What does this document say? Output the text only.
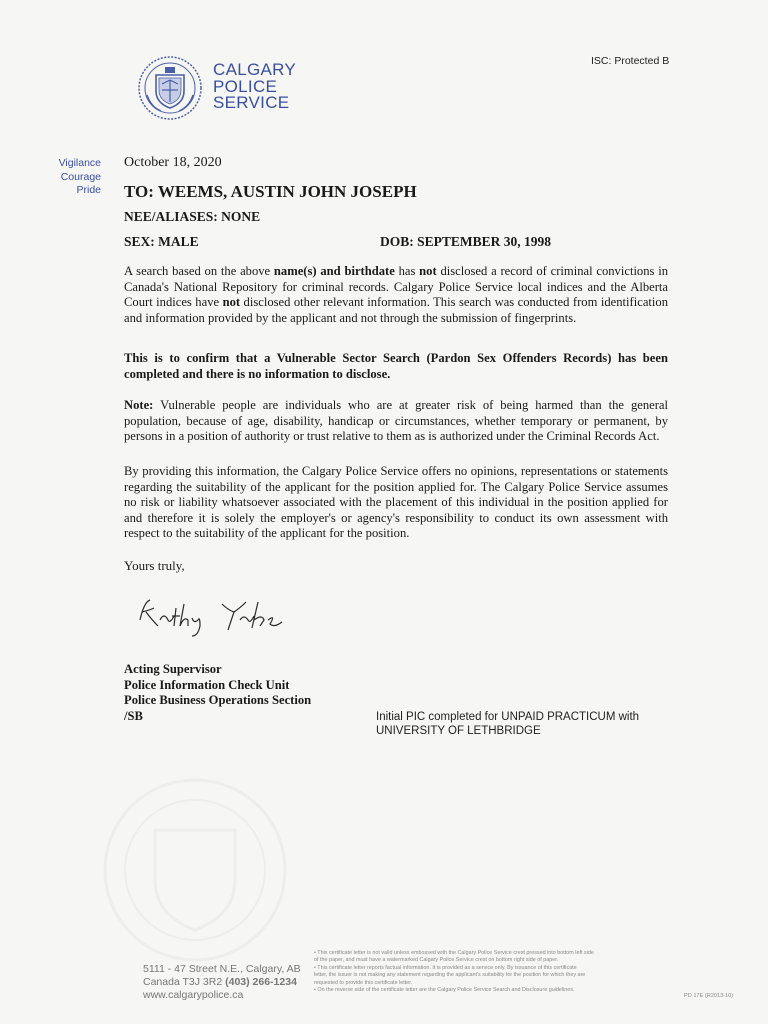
CALGARY
POLICE
SERVICE
ISC: Protected B
Vigilance
Courage
Pride
October 18, 2020
TO: WEEMS, AUSTIN JOHN JOSEPH
NEE/ALIASES: NONE
SEX: MALE	DOB: SEPTEMBER 30, 1998
A search based on the above name(s) and birthdate has not disclosed a record of criminal convictions in Canada's National Repository for criminal records. Calgary Police Service local indices and the Alberta Court indices have not disclosed other relevant information. This search was conducted from identification and information provided by the applicant and not through the submission of fingerprints.
This is to confirm that a Vulnerable Sector Search (Pardon Sex Offenders Records) has been completed and there is no information to disclose.
Note: Vulnerable people are individuals who are at greater risk of being harmed than the general population, because of age, disability, handicap or circumstances, whether temporary or permanent, by persons in a position of authority or trust relative to them as is authorized under the Criminal Records Act.
By providing this information, the Calgary Police Service offers no opinions, representations or statements regarding the suitability of the applicant for the position applied for. The Calgary Police Service assumes no risk or liability whatsoever associated with the placement of this individual in the position applied for and therefore it is solely the employer's or agency's responsibility to conduct its own assessment with respect to the suitability of the applicant for the position.
Yours truly,
Acting Supervisor
Police Information Check Unit
Police Business Operations Section
/SB	Initial PIC completed for UNPAID PRACTICUM with
UNIVERSITY OF LETHBRIDGE
5111 - 47 Street N.E., Calgary, AB
Canada T3J 3R2 (403) 266-1234
www.calgarypolice.ca
• This certificate letter is not valid unless embossed with the Calgary Police Service crest pressed into bottom left side
of the paper, and must have a watermarked Calgary Police Service crest on bottom right side of paper.
• This certificate letter reports factual information. It is provided as a service only. By issuance of this certificate
letter, the issuer is not making any statement regarding the applicant's suitability for the position for which they are
requested to provide this certificate letter.
• On the reverse side of the certificate letter are the Calgary Police Service Search and Disclosure guidelines.
PD 17E (R2013-10)
